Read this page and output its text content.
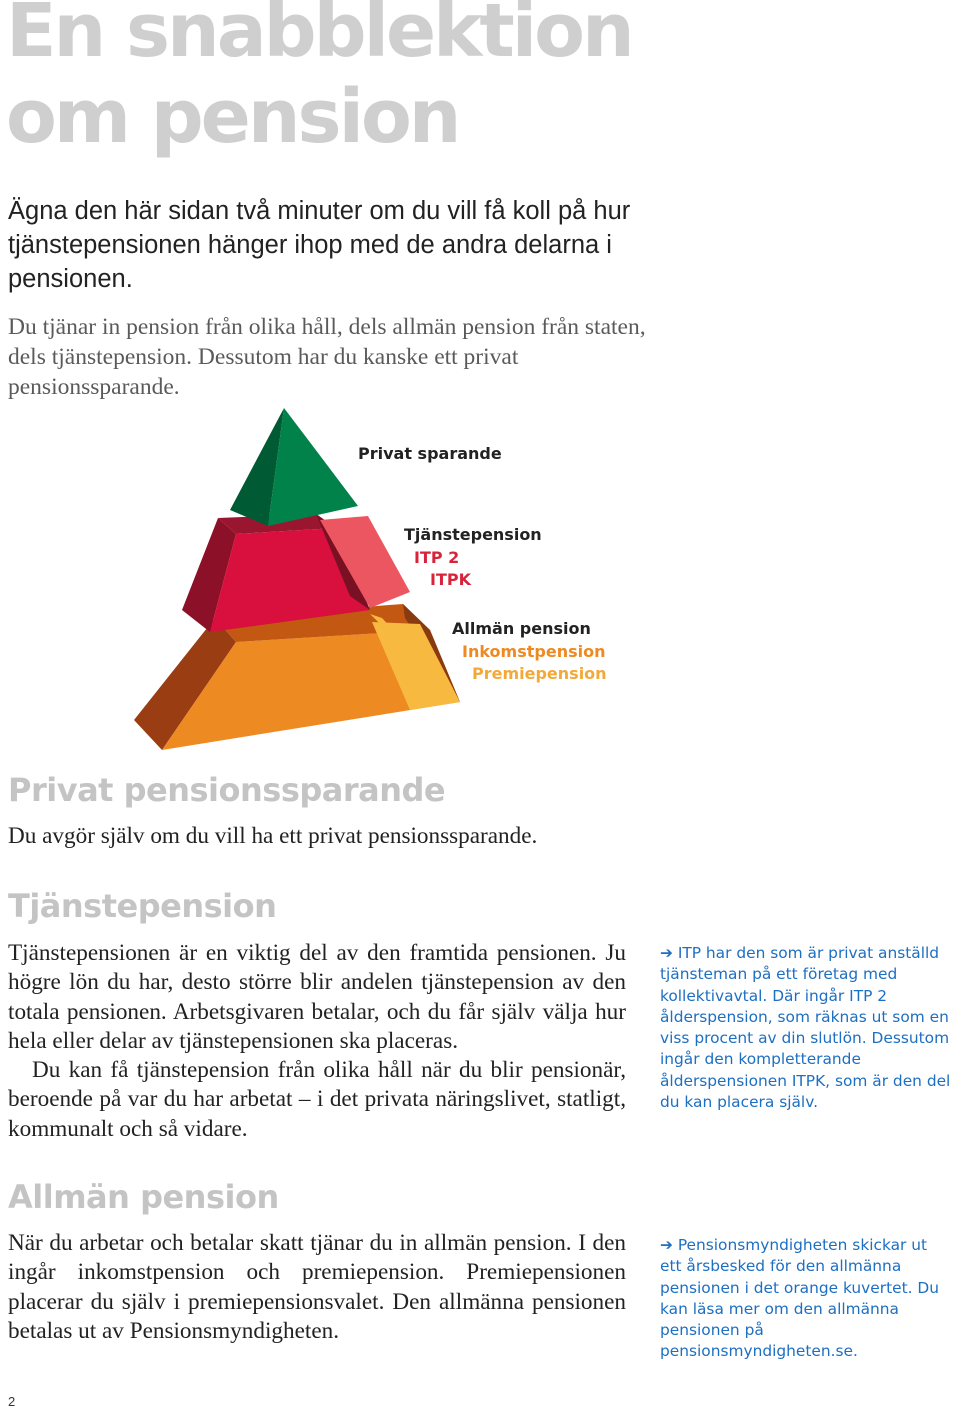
En snabblektion
om pension
Ägna den här sidan två minuter om du vill få koll på hur tjänstepensionen hänger ihop med de andra delarna i pensionen.
Du tjänar in pension från olika håll, dels allmän pension från staten, dels tjänstepension. Dessutom har du kanske ett privat pensionssparande.
Privat sparande
Tjänstepension
ITP 2
ITPK
Allmän pension
Inkomstpension
Premiepension
Privat pensionssparande

Du avgör själv om du vill ha ett privat pensionssparande.

Tjänstepension

Tjänstepensionen är en viktig del av den framtida pensionen. Ju högre lön du har, desto större blir andelen tjänstepension av den totala pensionen. Arbetsgivaren betalar, och du får själv välja hur hela eller delar av tjänstepensionen ska placeras.

Du kan få tjänstepension från olika håll när du blir pensionär, beroende på var du har arbetat – i det privata näringslivet, statligt, kommunalt och så vidare.

➔ ITP har den som är privat anställd tjänsteman på ett företag med kollektivavtal. Där ingår ITP 2 ålderspension, som räknas ut som en viss procent av din slutlön. Dessutom ingår den kompletterande ålderspensionen ITPK, som är den del du kan placera själv.
Allmän pension

När du arbetar och betalar skatt tjänar du in allmän pension. I den ingår inkomstpension och premiepension. Premiepensionen placerar du själv i premiepensionsvalet. Den allmänna pensionen betalas ut av Pensionsmyndigheten.

➔ Pensionsmyndigheten skickar ut ett årsbesked för den allmänna pensionen i det orange kuvertet. Du kan läsa mer om den allmänna pensionen på pensionsmyndigheten.se.
2
